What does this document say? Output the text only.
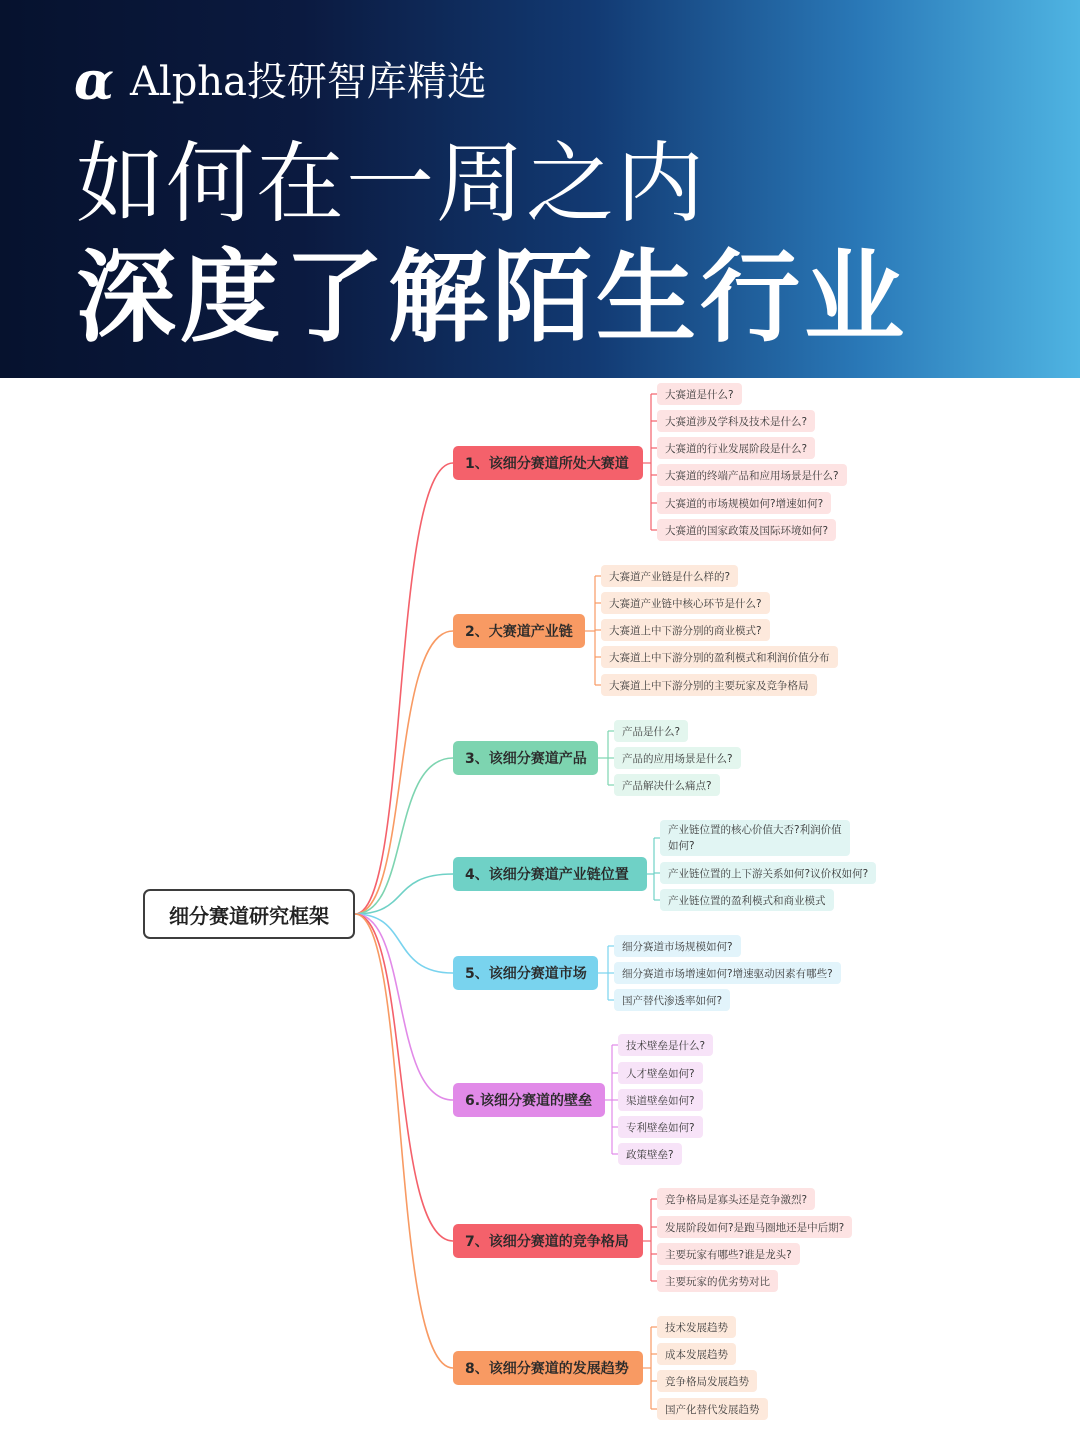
α Alpha投研智库精选
如何在一周之内
深度了解陌生行业
细分赛道研究框架
1、该细分赛道所处大赛道
大赛道是什么?
大赛道涉及学科及技术是什么?
大赛道的行业发展阶段是什么?
大赛道的终端产品和应用场景是什么?
大赛道的市场规模如何?增速如何?
大赛道的国家政策及国际环境如何?
2、大赛道产业链
大赛道产业链是什么样的?
大赛道产业链中核心环节是什么?
大赛道上中下游分别的商业模式?
大赛道上中下游分别的盈利模式和利润价值分布
大赛道上中下游分别的主要玩家及竞争格局
3、该细分赛道产品
产品是什么?
产品的应用场景是什么?
产品解决什么痛点?
4、该细分赛道产业链位置
产业链位置的核心价值大否?利润价值如何?
产业链位置的上下游关系如何?议价权如何?
产业链位置的盈利模式和商业模式
5、该细分赛道市场
细分赛道市场规模如何?
细分赛道市场增速如何?增速驱动因素有哪些?
国产替代渗透率如何?
6.该细分赛道的壁垒
技术壁垒是什么?
人才壁垒如何?
渠道壁垒如何?
专利壁垒如何?
政策壁垒?
7、该细分赛道的竞争格局
竞争格局是寡头还是竞争激烈?
发展阶段如何?是跑马圈地还是中后期?
主要玩家有哪些?谁是龙头?
主要玩家的优劣势对比
8、该细分赛道的发展趋势
技术发展趋势
成本发展趋势
竞争格局发展趋势
国产化替代发展趋势
